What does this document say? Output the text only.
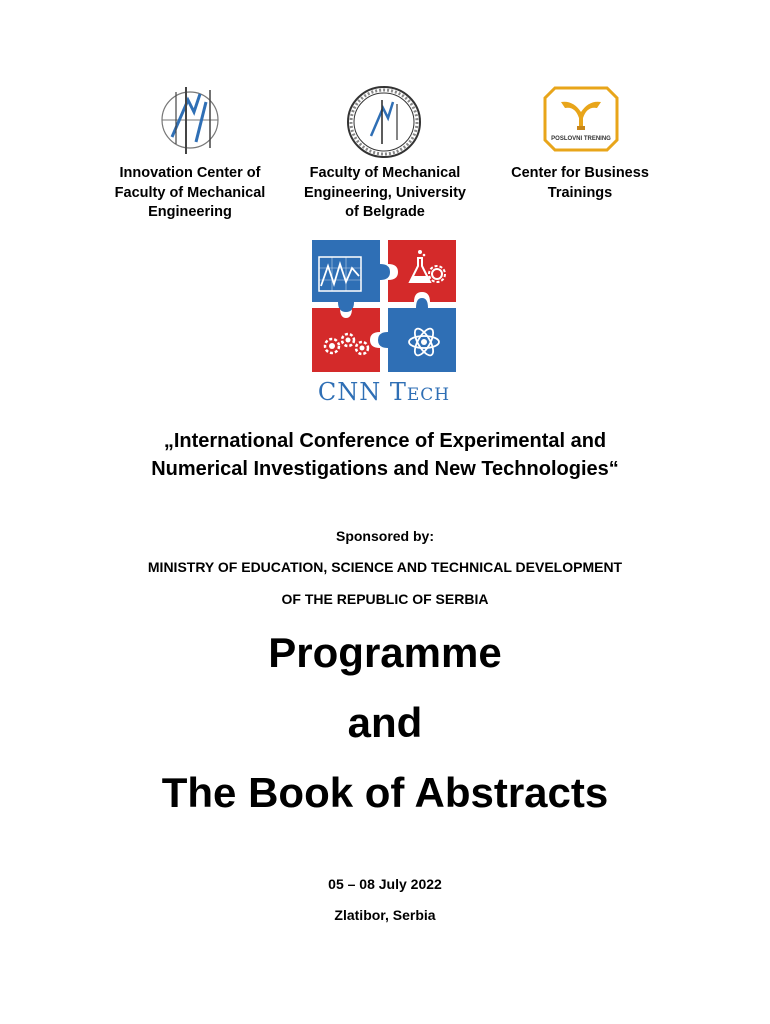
POSLOVNI TRENING
Innovation Center of
Faculty of Mechanical
Engineering
Faculty of Mechanical
Engineering, University
of Belgrade
Center for Business
Trainings
CNN Tech
„International Conference of Experimental and
Numerical Investigations and New Technologies“
Sponsored by:
MINISTRY OF EDUCATION, SCIENCE AND TECHNICAL DEVELOPMENT
OF THE REPUBLIC OF SERBIA
Programme
and
The Book of Abstracts
05 – 08 July 2022
Zlatibor, Serbia
